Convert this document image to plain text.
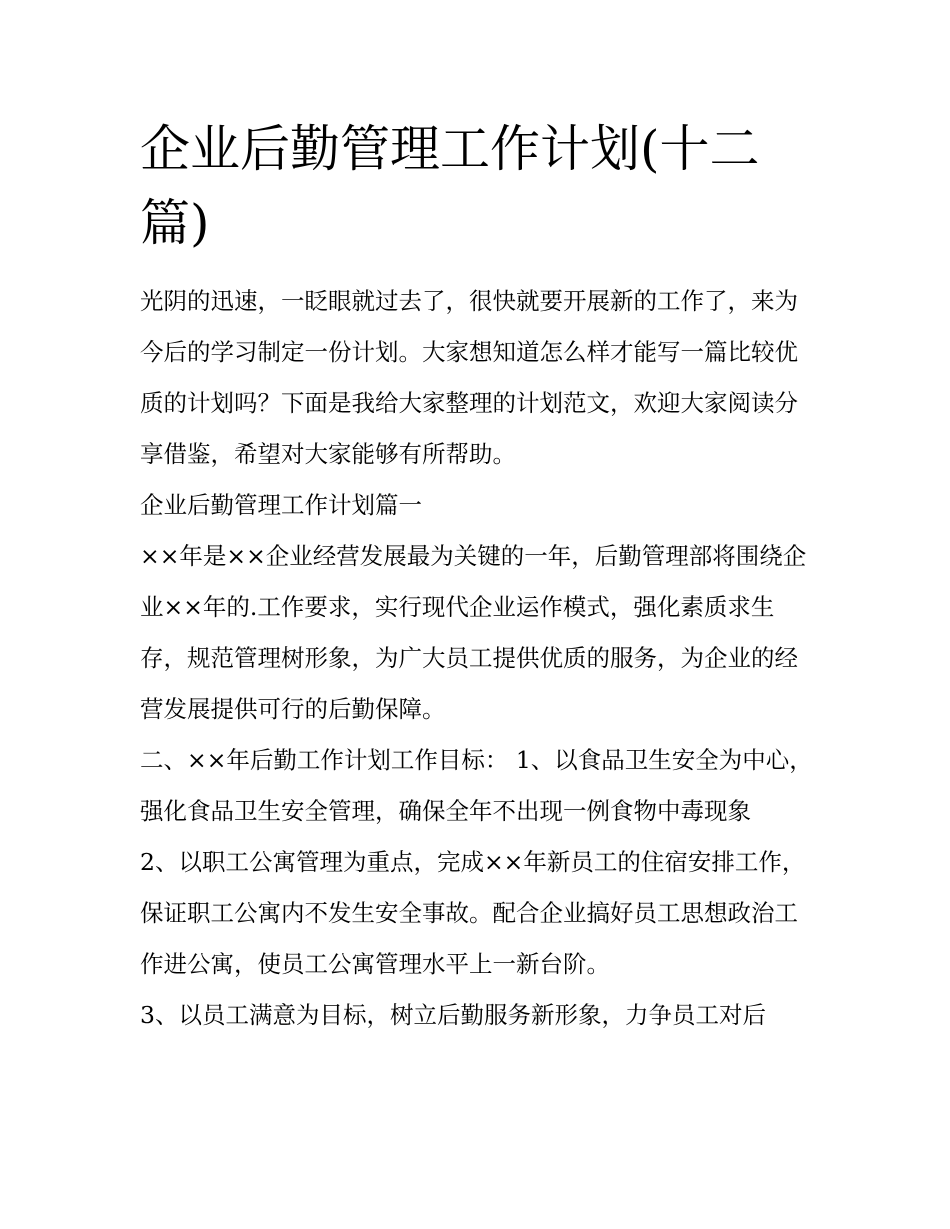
企业后勤管理工作计划(十二篇)

光阴的迅速，一眨眼就过去了，很快就要开展新的工作了，来为今后的学习制定一份计划。大家想知道怎么样才能写一篇比较优质的计划吗？下面是我给大家整理的计划范文，欢迎大家阅读分享借鉴，希望对大家能够有所帮助。

企业后勤管理工作计划篇一

××年是××企业经营发展最为关键的一年，后勤管理部将围绕企业××年的.工作要求，实行现代企业运作模式，强化素质求生存，规范管理树形象，为广大员工提供优质的服务，为企业的经营发展提供可行的后勤保障。

二、××年后勤工作计划工作目标： 1、以食品卫生安全为中心，强化食品卫生安全管理，确保全年不出现一例食物中毒现象

2、以职工公寓管理为重点，完成××年新员工的住宿安排工作，保证职工公寓内不发生安全事故。配合企业搞好员工思想政治工作进公寓，使员工公寓管理水平上一新台阶。

3、以员工满意为目标，树立后勤服务新形象，力争员工对后
